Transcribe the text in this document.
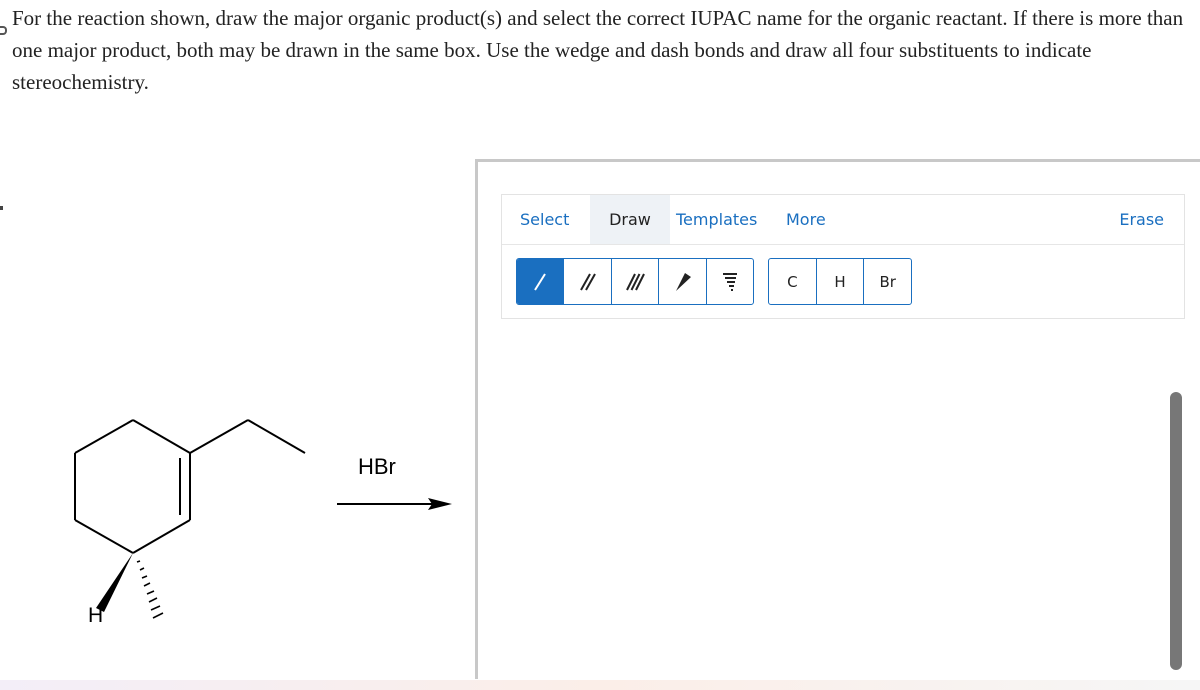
For the reaction shown, draw the major organic product(s) and select the correct IUPAC name for the organic reactant. If there is more than one major product, both may be drawn in the same box. Use the wedge and dash bonds and draw all four substituents to indicate stereochemistry.
H
HBr
Select	Draw	Templates More	Erase
C	H	Br
